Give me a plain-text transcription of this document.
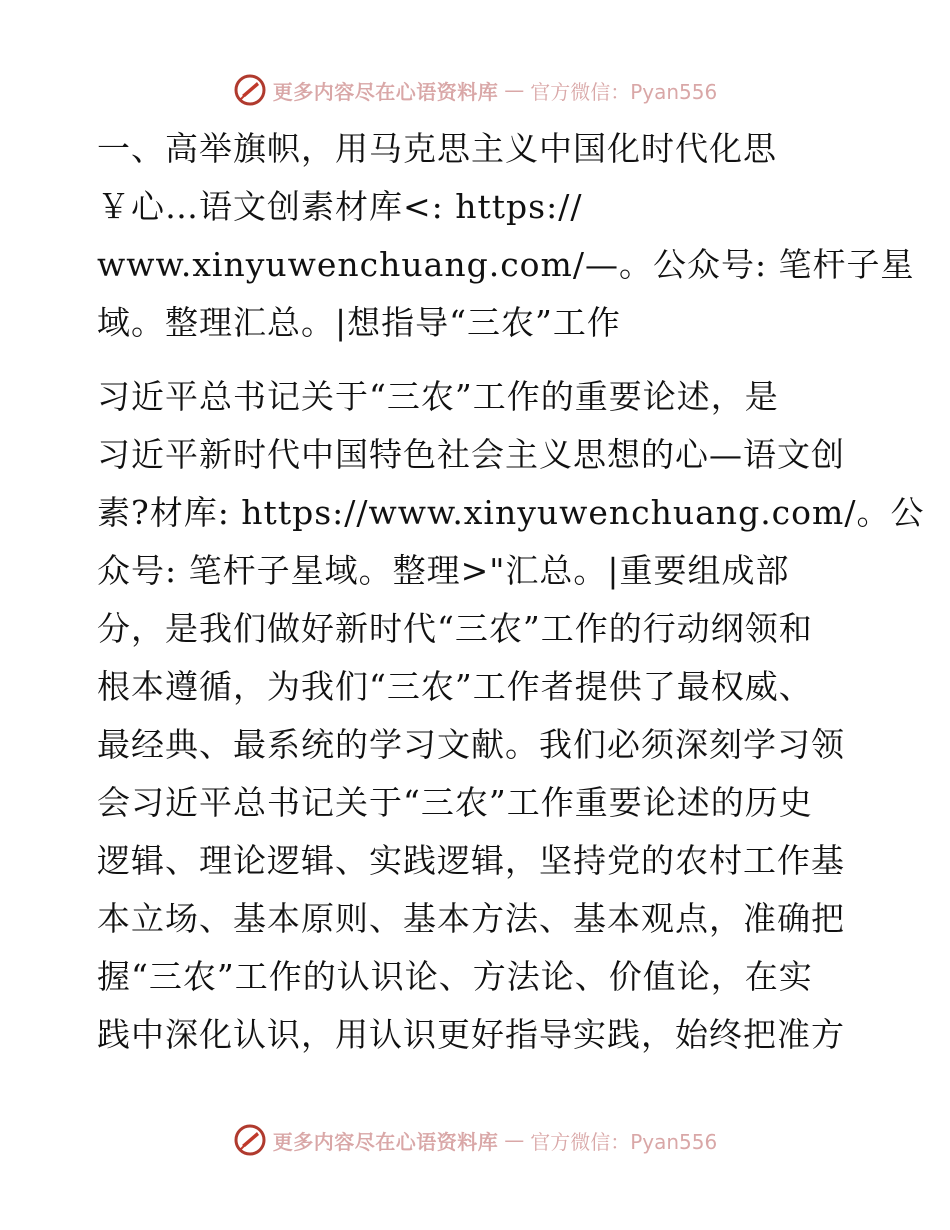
更多内容尽在心语资料库 — 官方微信：Pyan556
一、高举旗帜，用马克思主义中国化时代化思
￥心…语文创素材库<: https://
www.xinyuwenchuang.com/—。公众号: 笔杆子星
域。整理汇总。|想指导“三农”工作
习近平总书记关于“三农”工作的重要论述，是
习近平新时代中国特色社会主义思想的心—语文创
素?材库: https://www.xinyuwenchuang.com/。公
众号: 笔杆子星域。整理>"汇总。|重要组成部
分，是我们做好新时代“三农”工作的行动纲领和
根本遵循，为我们“三农”工作者提供了最权威、
最经典、最系统的学习文献。我们必须深刻学习领
会习近平总书记关于“三农”工作重要论述的历史
逻辑、理论逻辑、实践逻辑，坚持党的农村工作基
本立场、基本原则、基本方法、基本观点，准确把
握“三农”工作的认识论、方法论、价值论，在实
践中深化认识，用认识更好指导实践，始终把准方
更多内容尽在心语资料库 — 官方微信：Pyan556
